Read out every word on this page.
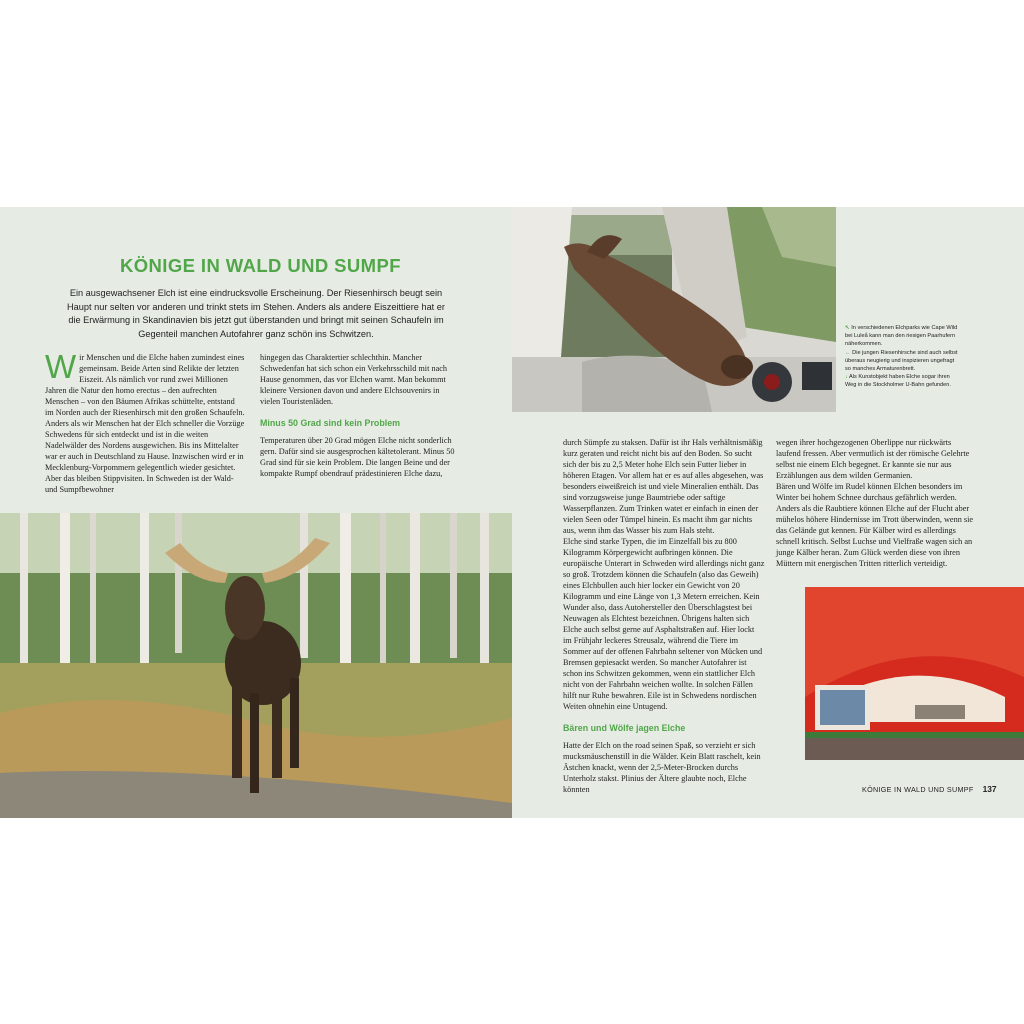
KÖNIGE IN WALD UND SUMPF

Ein ausgewachsener Elch ist eine eindrucksvolle Erscheinung. Der Riesenhirsch beugt sein Haupt nur selten vor anderen und trinkt stets im Stehen. Anders als andere Eiszeittiere hat er die Erwärmung in Skandinavien bis jetzt gut überstanden und bringt mit seinen Schaufeln im Gegenteil manchen Autofahrer ganz schön ins Schwitzen.

Wir Menschen und die Elche haben zumindest eines gemeinsam. Beide Arten sind Relikte der letzten Eiszeit. Als nämlich vor rund zwei Millionen Jahren die Natur den homo erectus – den aufrechten Menschen – von den Bäumen Afrikas schüttelte, entstand im Norden auch der Riesenhirsch mit den großen Schaufeln. Anders als wir Menschen hat der Elch schneller die Vorzüge Schwedens für sich entdeckt und ist in die weiten Nadelwälder des Nordens ausgewichen. Bis ins Mittelalter war er auch in Deutschland zu Hause. Inzwischen wird er in Mecklenburg-Vorpommern gelegentlich wieder gesichtet. Aber das bleiben Stippvisiten. In Schweden ist der Wald- und Sumpfbewohner

hingegen das Charaktertier schlechthin. Mancher Schwedenfan hat sich schon ein Verkehrsschild mit nach Hause genommen, das vor Elchen warnt. Man bekommt kleinere Versionen davon und andere Elchsouvenirs in vielen Touristenläden.

Minus 50 Grad sind kein Problem

Temperaturen über 20 Grad mögen Elche nicht sonderlich gern. Dafür sind sie ausgesprochen kältetolerant. Minus 50 Grad sind für sie kein Problem. Die langen Beine und der kompakte Rumpf obendrauf prädestinieren Elche dazu,

durch Sümpfe zu staksen. Dafür ist ihr Hals verhältnismäßig kurz geraten und reicht nicht bis auf den Boden. So sucht sich der bis zu 2,5 Meter hohe Elch sein Futter lieber in höheren Etagen. Vor allem hat er es auf alles abgesehen, was besonders eiweißreich ist und viele Mineralien enthält. Das sind vorzugsweise junge Baumtriebe oder saftige Wasserpflanzen. Zum Trinken watet er einfach in einen der vielen Seen oder Tümpel hinein. Es macht ihm gar nichts aus, wenn ihm das Wasser bis zum Hals steht.

Elche sind starke Typen, die im Einzelfall bis zu 800 Kilogramm Körpergewicht aufbringen können. Die europäische Unterart in Schweden wird allerdings nicht ganz so groß. Trotzdem können die Schaufeln (also das Geweih) eines Elchbullen auch hier locker ein Gewicht von 20 Kilogramm und eine Länge von 1,3 Metern erreichen. Kein Wunder also, dass Autohersteller den Überschlagstest bei Neuwagen als Elchtest bezeichnen. Übrigens halten sich Elche auch selbst gerne auf Asphaltstraßen auf. Hier lockt im Frühjahr leckeres Streusalz, während die Tiere im Sommer auf der offenen Fahrbahn seltener von Mücken und Bremsen gepiesackt werden. So mancher Autofahrer ist schon ins Schwitzen gekommen, wenn ein stattlicher Elch nicht von der Fahrbahn weichen wollte. In solchen Fällen hilft nur Ruhe bewahren. Eile ist in Schwedens nordischen Weiten ohnehin eine Untugend.

Bären und Wölfe jagen Elche

Hatte der Elch on the road seinen Spaß, so verzieht er sich mucksmäuschenstill in die Wälder. Kein Blatt raschelt, kein Ästchen knackt, wenn der 2,5-Meter-Brocken durchs Unterholz stakst. Plinius der Ältere glaubte noch, Elche könnten

wegen ihrer hochgezogenen Oberlippe nur rückwärts laufend fressen. Aber vermutlich ist der römische Gelehrte selbst nie einem Elch begegnet. Er kannte sie nur aus Erzählungen aus dem wilden Germanien.

Bären und Wölfe im Rudel können Elchen besonders im Winter bei hohem Schnee durchaus gefährlich werden. Anders als die Raubtiere können Elche auf der Flucht aber mühelos höhere Hindernisse im Trott überwinden, wenn sie das Gelände gut kennen. Für Kälber wird es allerdings schnell kritisch. Selbst Luchse und Vielfraße wagen sich an junge Kälber heran. Zum Glück werden diese von ihren Müttern mit energischen Tritten ritterlich verteidigt.

↖ In verschiedenen Elchparks wie Cape Wild bei Luleå kann man den riesigen Paarhufern näherkommen.

← Die jungen Riesenhirsche sind auch selbst überaus neugierig und inspizieren ungefragt so manches Armaturenbrett.

↓ Als Kunstobjekt haben Elche sogar ihren Weg in die Stockholmer U-Bahn gefunden.

KÖNIGE IN WALD UND SUMPF 137
